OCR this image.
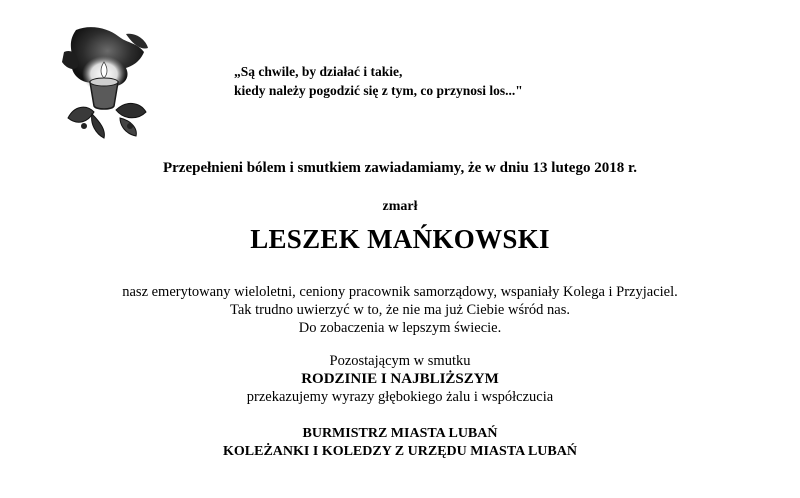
„Są chwile, by działać i takie,
kiedy należy pogodzić się z tym, co przynosi los..."
Przepełnieni bólem i smutkiem zawiadamiamy, że w dniu 13 lutego 2018 r.
zmarł
LESZEK MAŃKOWSKI
nasz emerytowany wieloletni, ceniony pracownik samorządowy, wspaniały Kolega i Przyjaciel.
Tak trudno uwierzyć w to, że nie ma już Ciebie wśród nas.
Do zobaczenia w lepszym świecie.
Pozostającym w smutku
RODZINIE I NAJBLIŻSZYM
przekazujemy wyrazy głębokiego żalu i współczucia
BURMISTRZ MIASTA LUBAŃ
KOLEŻANKI I KOLEDZY Z URZĘDU MIASTA LUBAŃ
